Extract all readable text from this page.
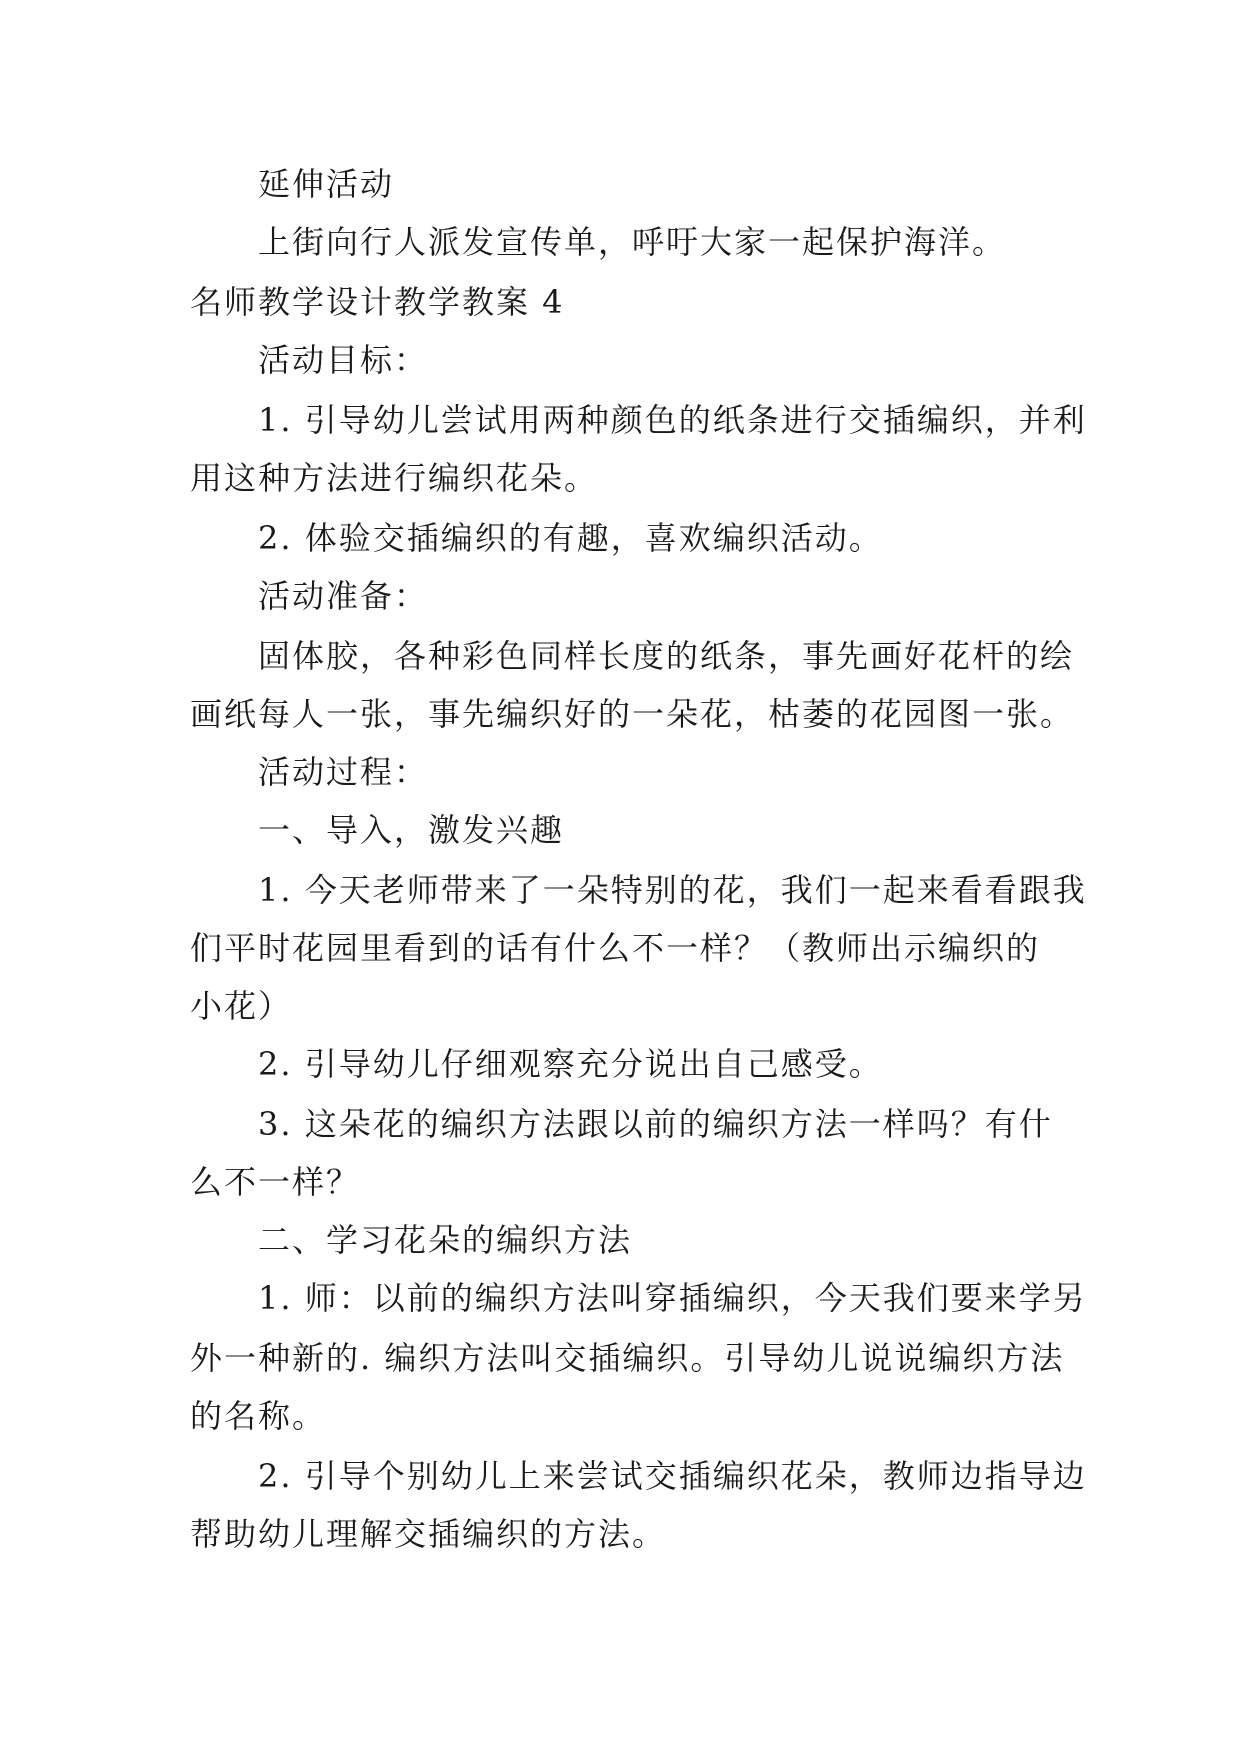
延伸活动
上街向行人派发宣传单，呼吁大家一起保护海洋。
名师教学设计教学教案 4
活动目标：
1. 引导幼儿尝试用两种颜色的纸条进行交插编织，并利
用这种方法进行编织花朵。
2. 体验交插编织的有趣，喜欢编织活动。
活动准备：
固体胶，各种彩色同样长度的纸条，事先画好花杆的绘
画纸每人一张，事先编织好的一朵花，枯萎的花园图一张。
活动过程：
一、导入，激发兴趣
1. 今天老师带来了一朵特别的花，我们一起来看看跟我
们平时花园里看到的话有什么不一样？（教师出示编织的
小花）
2. 引导幼儿仔细观察充分说出自己感受。
3. 这朵花的编织方法跟以前的编织方法一样吗？有什
么不一样？
二、学习花朵的编织方法
1. 师：以前的编织方法叫穿插编织，今天我们要来学另
外一种新的. 编织方法叫交插编织。引导幼儿说说编织方法
的名称。
2. 引导个别幼儿上来尝试交插编织花朵，教师边指导边
帮助幼儿理解交插编织的方法。
